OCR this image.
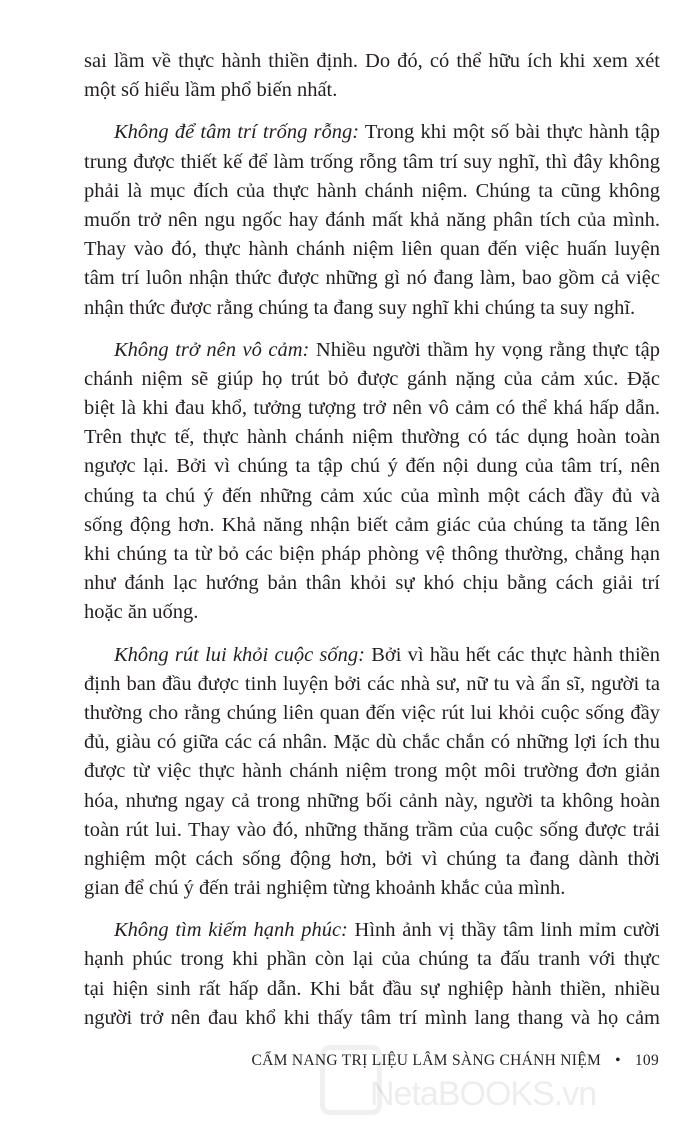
sai lầm về thực hành thiền định. Do đó, có thể hữu ích khi xem xét
một số hiểu lầm phổ biến nhất.
Không để tâm trí trống rỗng: Trong khi một số bài thực hành tập
trung được thiết kế để làm trống rỗng tâm trí suy nghĩ, thì đây không
phải là mục đích của thực hành chánh niệm. Chúng ta cũng không
muốn trở nên ngu ngốc hay đánh mất khả năng phân tích của mình.
Thay vào đó, thực hành chánh niệm liên quan đến việc huấn luyện
tâm trí luôn nhận thức được những gì nó đang làm, bao gồm cả việc
nhận thức được rằng chúng ta đang suy nghĩ khi chúng ta suy nghĩ.
Không trở nên vô cảm: Nhiều người thầm hy vọng rằng thực tập
chánh niệm sẽ giúp họ trút bỏ được gánh nặng của cảm xúc. Đặc
biệt là khi đau khổ, tưởng tượng trở nên vô cảm có thể khá hấp dẫn.
Trên thực tế, thực hành chánh niệm thường có tác dụng hoàn toàn
ngược lại. Bởi vì chúng ta tập chú ý đến nội dung của tâm trí, nên
chúng ta chú ý đến những cảm xúc của mình một cách đầy đủ và
sống động hơn. Khả năng nhận biết cảm giác của chúng ta tăng lên
khi chúng ta từ bỏ các biện pháp phòng vệ thông thường, chẳng hạn
như đánh lạc hướng bản thân khỏi sự khó chịu bằng cách giải trí
hoặc ăn uống.
Không rút lui khỏi cuộc sống: Bởi vì hầu hết các thực hành thiền
định ban đầu được tinh luyện bởi các nhà sư, nữ tu và ẩn sĩ, người ta
thường cho rằng chúng liên quan đến việc rút lui khỏi cuộc sống đầy
đủ, giàu có giữa các cá nhân. Mặc dù chắc chắn có những lợi ích thu
được từ việc thực hành chánh niệm trong một môi trường đơn giản
hóa, nhưng ngay cả trong những bối cảnh này, người ta không hoàn
toàn rút lui. Thay vào đó, những thăng trầm của cuộc sống được trải
nghiệm một cách sống động hơn, bởi vì chúng ta đang dành thời
gian để chú ý đến trải nghiệm từng khoảnh khắc của mình.
Không tìm kiếm hạnh phúc: Hình ảnh vị thầy tâm linh mỉm cười
hạnh phúc trong khi phần còn lại của chúng ta đấu tranh với thực
tại hiện sinh rất hấp dẫn. Khi bắt đầu sự nghiệp hành thiền, nhiều
người trở nên đau khổ khi thấy tâm trí mình lang thang và họ cảm
CẨM NANG TRỊ LIỆU LÂM SÀNG CHÁNH NIỆM • 109
NetaBOOKS.vn
